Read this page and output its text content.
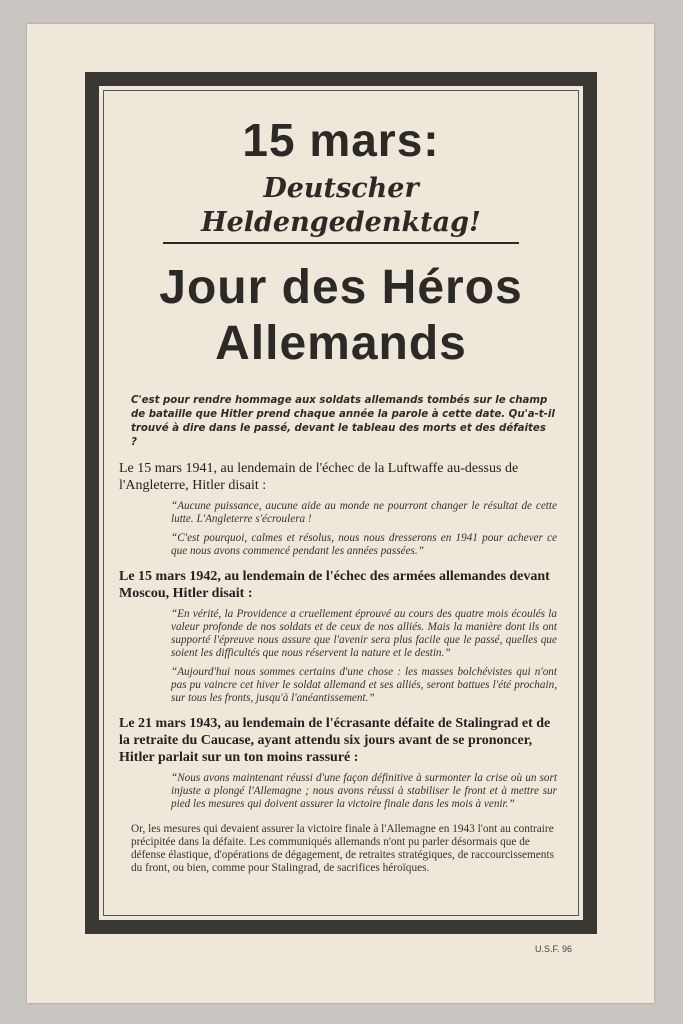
15 mars:
Deutscher Heldengedenktag!
Jour des Héros
Allemands
C'est pour rendre hommage aux soldats allemands tombés sur le champ de bataille que Hitler prend chaque année la parole à cette date. Qu'a-t-il trouvé à dire dans le passé, devant le tableau des morts et des défaites ?
Le 15 mars 1941, au lendemain de l'échec de la Luftwaffe au-dessus de l'Angleterre, Hitler disait :
“Aucune puissance, aucune aide au monde ne pourront changer le résultat de cette lutte. L'Angleterre s'écroulera !
“C'est pourquoi, calmes et résolus, nous nous dresserons en 1941 pour achever ce que nous avons commencé pendant les années passées.”
Le 15 mars 1942, au lendemain de l'échec des armées allemandes devant Moscou, Hitler disait :
“En vérité, la Providence a cruellement éprouvé au cours des quatre mois écoulés la valeur profonde de nos soldats et de ceux de nos alliés. Mais la manière dont ils ont supporté l'épreuve nous assure que l'avenir sera plus facile que le passé, quelles que soient les difficultés que nous réservent la nature et le destin.”
“Aujourd'hui nous sommes certains d'une chose : les masses bolchévistes qui n'ont pas pu vaincre cet hiver le soldat allemand et ses alliés, seront battues l'été prochain, sur tous les fronts, jusqu'à l'anéantissement.”
Le 21 mars 1943, au lendemain de l'écrasante défaite de Stalingrad et de la retraite du Caucase, ayant attendu six jours avant de se prononcer, Hitler parlait sur un ton moins rassuré :
“Nous avons maintenant réussi d'une façon définitive à surmonter la crise où un sort injuste a plongé l'Allemagne ; nous avons réussi à stabiliser le front et à mettre sur pied les mesures qui doivent assurer la victoire finale dans les mois à venir.”
Or, les mesures qui devaient assurer la victoire finale à l'Allemagne en 1943 l'ont au contraire précipitée dans la défaite. Les communiqués allemands n'ont pu parler désormais que de défense élastique, d'opérations de dégagement, de retraites stratégiques, de raccourcissements du front, ou bien, comme pour Stalingrad, de sacrifices héroïques.
U.S.F. 96
